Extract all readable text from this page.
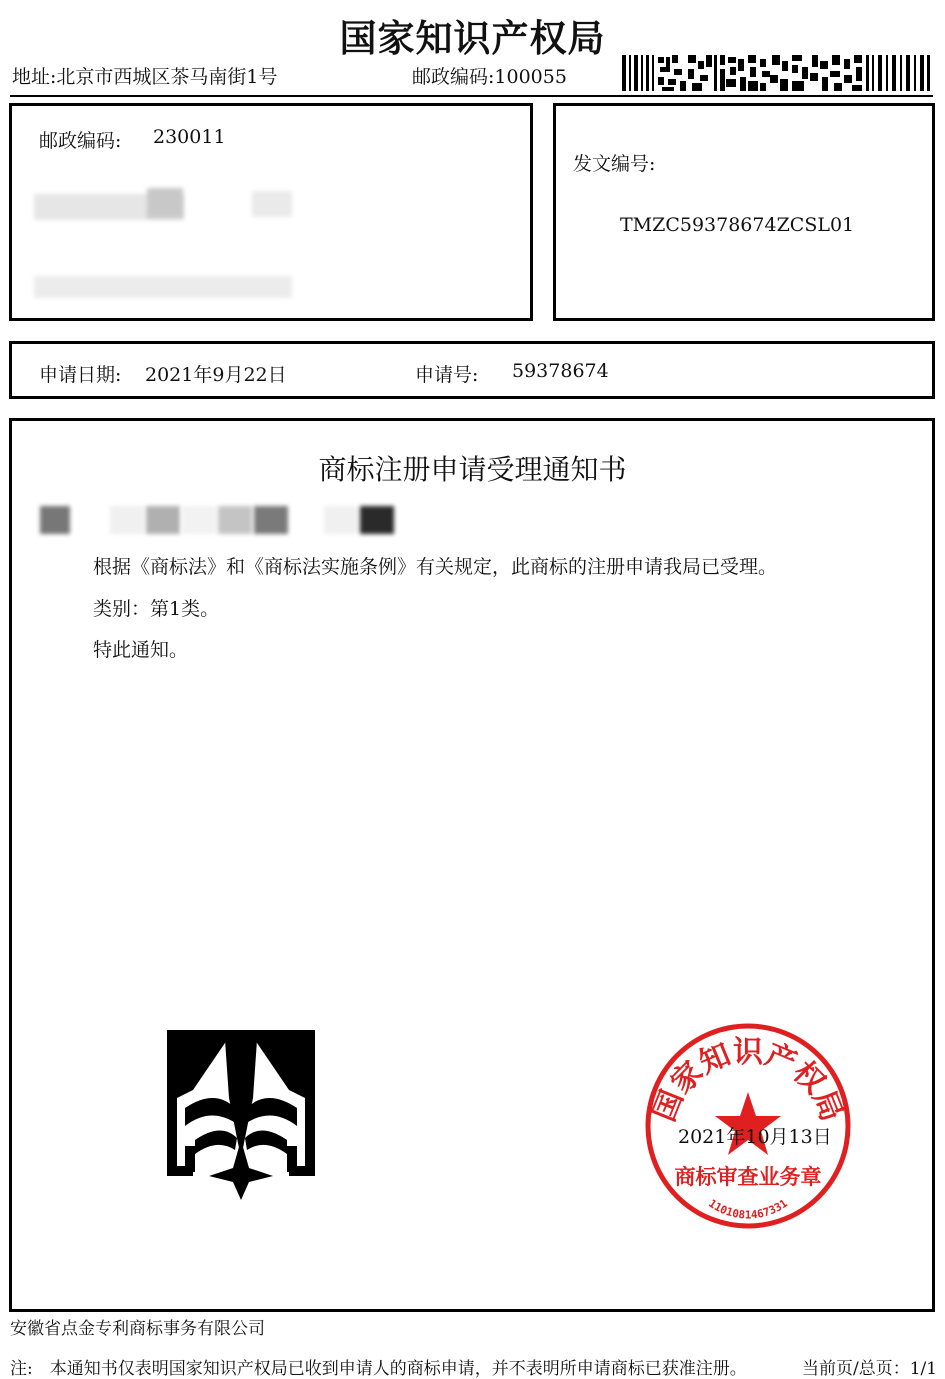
国家知识产权局
地址:北京市西城区茶马南街1号	邮政编码:100055
邮政编码: 230011
发文编号:
TMZC59378674ZCSL01
申请日期: 2021年9月22日	申请号: 59378674
商标注册申请受理通知书
根据《商标法》和《商标法实施条例》有关规定，此商标的注册申请我局已受理。
类别：第1类。
特此通知。
国家知识产权局
商标审查业务章
1101081467331
2021年10月13日
安徽省点金专利商标事务有限公司
注:　本通知书仅表明国家知识产权局已收到申请人的商标申请，并不表明所申请商标已获准注册。	当前页/总页：1/1
